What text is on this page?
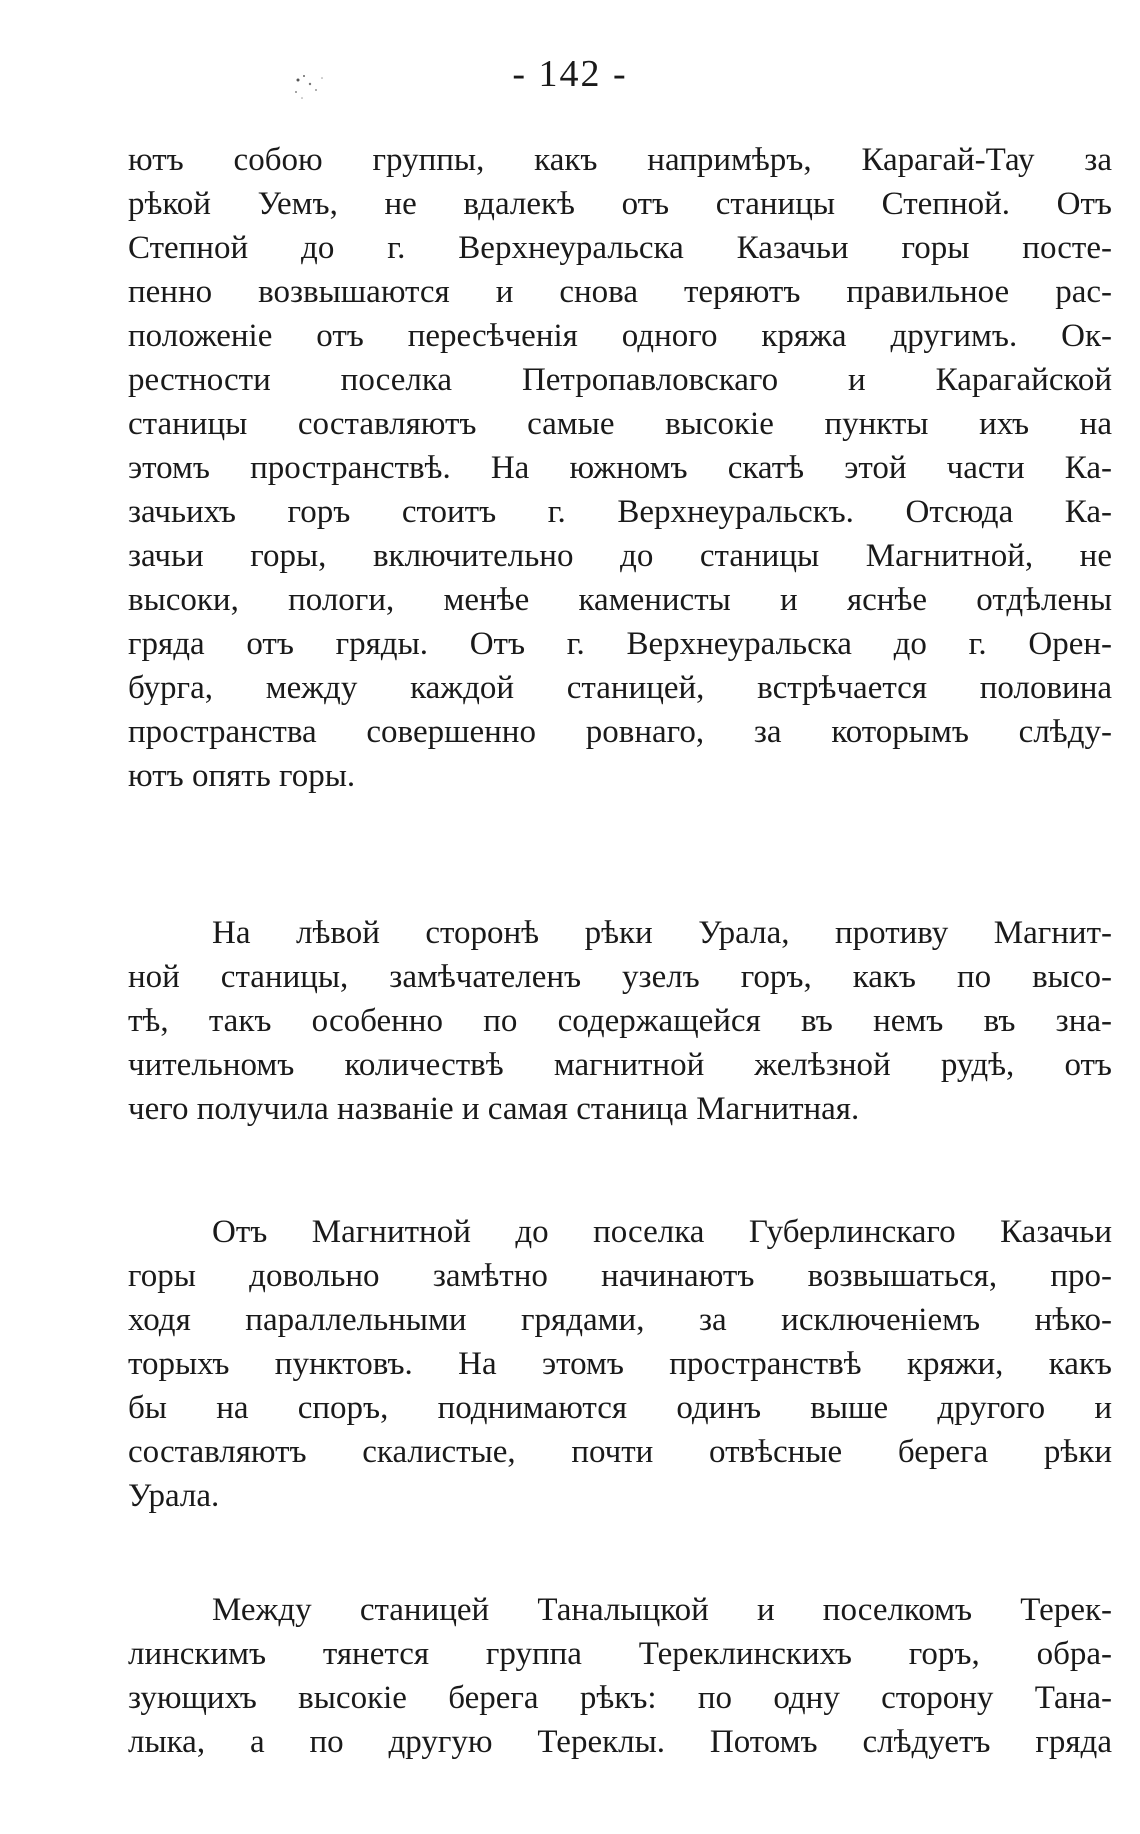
- 142 -
ютъ собою группы, какъ напримѣръ, Карагай-Тау за
рѣкой Уемъ, не вдалекѣ отъ станицы Степной. Отъ
Степной до г. Верхнеуральска Казачьи горы посте-
пенно возвышаются и снова теряютъ правильное рас-
положеніе отъ пересѣченія одного кряжа другимъ. Ок-
рестности поселка Петропавловскаго и Карагайской
станицы составляютъ самые высокіе пункты ихъ на
этомъ пространствѣ. На южномъ скатѣ этой части Ка-
зачьихъ горъ стоитъ г. Верхнеуральскъ. Отсюда Ка-
зачьи горы, включительно до станицы Магнитной, не
высоки, пологи, менѣе каменисты и яснѣе отдѣлены
гряда отъ гряды. Отъ г. Верхнеуральска до г. Орен-
бурга, между каждой станицей, встрѣчается половина
пространства совершенно ровнаго, за которымъ слѣду-
ютъ опять горы.
На лѣвой сторонѣ рѣки Урала, противу Магнит-
ной станицы, замѣчателенъ узелъ горъ, какъ по высо-
тѣ, такъ особенно по содержащейся въ немъ въ зна-
чительномъ количествѣ магнитной желѣзной рудѣ, отъ
чего получила названіе и самая станица Магнитная.
Отъ Магнитной до поселка Губерлинскаго Казачьи
горы довольно замѣтно начинаютъ возвышаться, про-
ходя параллельными грядами, за исключеніемъ нѣко-
торыхъ пунктовъ. На этомъ пространствѣ кряжи, какъ
бы на споръ, поднимаются одинъ выше другого и
составляютъ скалистые, почти отвѣсные берега рѣки
Урала.
Между станицей Таналыцкой и поселкомъ Терек-
линскимъ тянется группа Тереклинскихъ горъ, обра-
зующихъ высокіе берега рѣкъ: по одну сторону Тана-
лыка, а по другую Терeклы. Потомъ слѣдуетъ гряда
